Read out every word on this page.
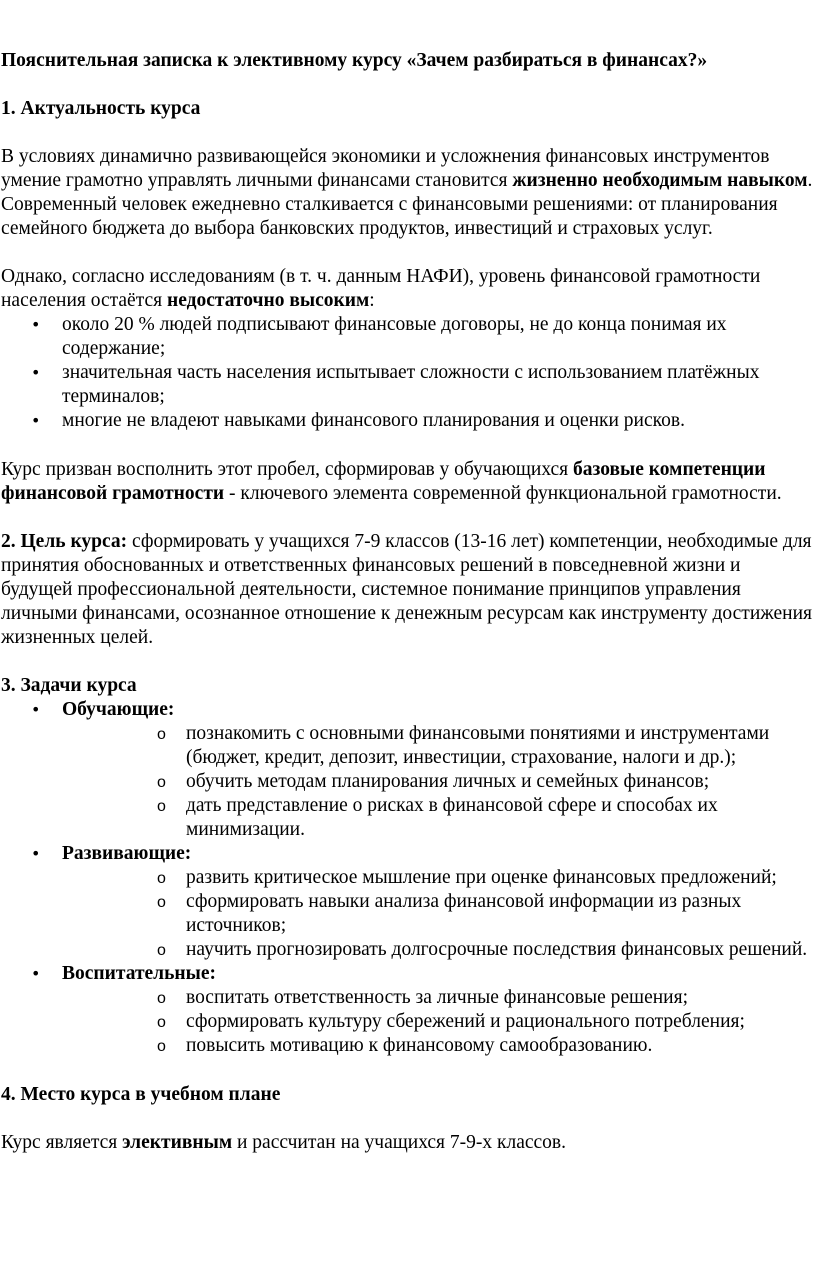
Пояснительная записка к элективному курсу «Зачем разбираться в финансах?»
1. Актуальность курса

В условиях динамично развивающейся экономики и усложнения финансовых инструментов умение грамотно управлять личными финансами становится жизненно необходимым навыком. Современный человек ежедневно сталкивается с финансовыми решениями: от планирования семейного бюджета до выбора банковских продуктов, инвестиций и страховых услуг.

Однако, согласно исследованиям (в т. ч. данным НАФИ), уровень финансовой грамотности населения остаётся недостаточно высоким:

• около 20 % людей подписывают финансовые договоры, не до конца понимая их содержание;
• значительная часть населения испытывает сложности с использованием платёжных терминалов;
• многие не владеют навыками финансового планирования и оценки рисков.

Курс призван восполнить этот пробел, сформировав у обучающихся базовые компетенции финансовой грамотности - ключевого элемента современной функциональной грамотности.

2. Цель курса: сформировать у учащихся 7-9 классов (13-16 лет) компетенции, необходимые для принятия обоснованных и ответственных финансовых решений в повседневной жизни и будущей профессиональной деятельности, системное понимание принципов управления личными финансами, осознанное отношение к денежным ресурсам как инструменту достижения жизненных целей.

3. Задачи курса
• Обучающие:
o познакомить с основными финансовыми понятиями и инструментами (бюджет, кредит, депозит, инвестиции, страхование, налоги и др.);
o обучить методам планирования личных и семейных финансов;
o дать представление о рисках в финансовой сфере и способах их минимизации.
• Развивающие:
o развить критическое мышление при оценке финансовых предложений;
o сформировать навыки анализа финансовой информации из разных источников;
o научить прогнозировать долгосрочные последствия финансовых решений.
• Воспитательные:
o воспитать ответственность за личные финансовые решения;
o сформировать культуру сбережений и рационального потребления;
o повысить мотивацию к финансовому самообразованию.
4. Место курса в учебном плане

Курс является элективным и рассчитан на учащихся 7-9-х классов.
